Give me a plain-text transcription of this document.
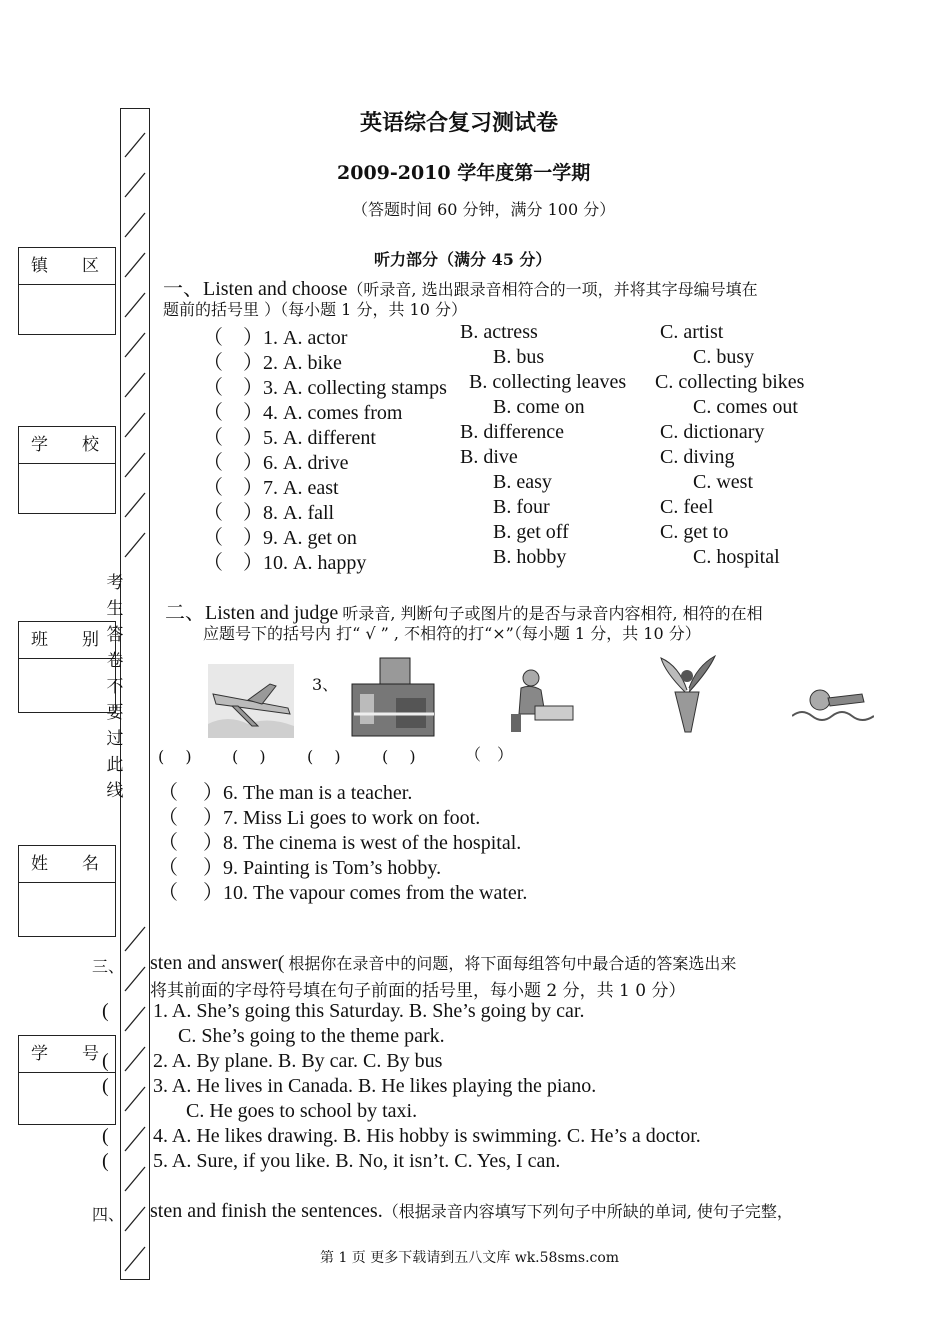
镇　　区
学　　校
班　　别
姓　　名
学　　号
考
生
答
卷
不
要
过
此
线
英语综合复习测试卷
2009-2010 学年度第一学期
（答题时间 60 分钟，满分 100 分）
听力部分（满分 45 分）
一、Listen and choose（听录音, 选出跟录音相符合的一项，并将其字母编号填在
题前的括号里 ）（每小题 1 分，共 10 分）
（　）1. A. actor	B. actress	C. artist
（　）2. A. bike	B. bus	C. busy
（　）3. A. collecting stamps B. collecting leaves C. collecting bikes
（　）4. A. comes from	B. come on	C. comes out
（　）5. A. different	B. difference	C. dictionary
（　）6. A. drive	B. dive	C. diving
（　）7. A. east	B. easy	C. west
（　）8. A. fall	B. four	C. feel
（　）9. A. get on	B. get off	C. get to
（　）10. A. happy	B. hobby	C. hospital
二、Listen and judge 听录音, 判断句子或图片的是否与录音内容相符, 相符的在相
应题号下的括号内 打“ √ ” , 不相符的打“×”（每小题 1 分，共 10 分）
3、
(　 )	(　 )	(　 )	(　 )	（　）
（　 ）6. The man is a teacher.
（　 ）7. Miss Li goes to work on foot.
（　 ）8. The cinema is west of the hospital.
（　 ）9. Painting is Tom’s hobby.
（　 ）10. The vapour comes from the water.
三、 sten and answer( 根据你在录音中的问题，将下面每组答句中最合适的答案选出来
将其前面的字母符号填在句子前面的括号里，每小题 2 分，共 1 0 分）
( 1. A. She’s going this Saturday. B. She’s going by car.
C. She’s going to the theme park.
( 2. A. By plane. B. By car. C. By bus
( 3. A. He lives in Canada. B. He likes playing the piano.
C. He goes to school by taxi.
( 4. A. He likes drawing. B. His hobby is swimming. C. He’s a doctor.
( 5. A. Sure, if you like. B. No, it isn’t. C. Yes, I can.
四、 sten and finish the sentences.（根据录音内容填写下列句子中所缺的单词, 使句子完整，
第 1 页 更多下载请到五八文库 wk.58sms.com
